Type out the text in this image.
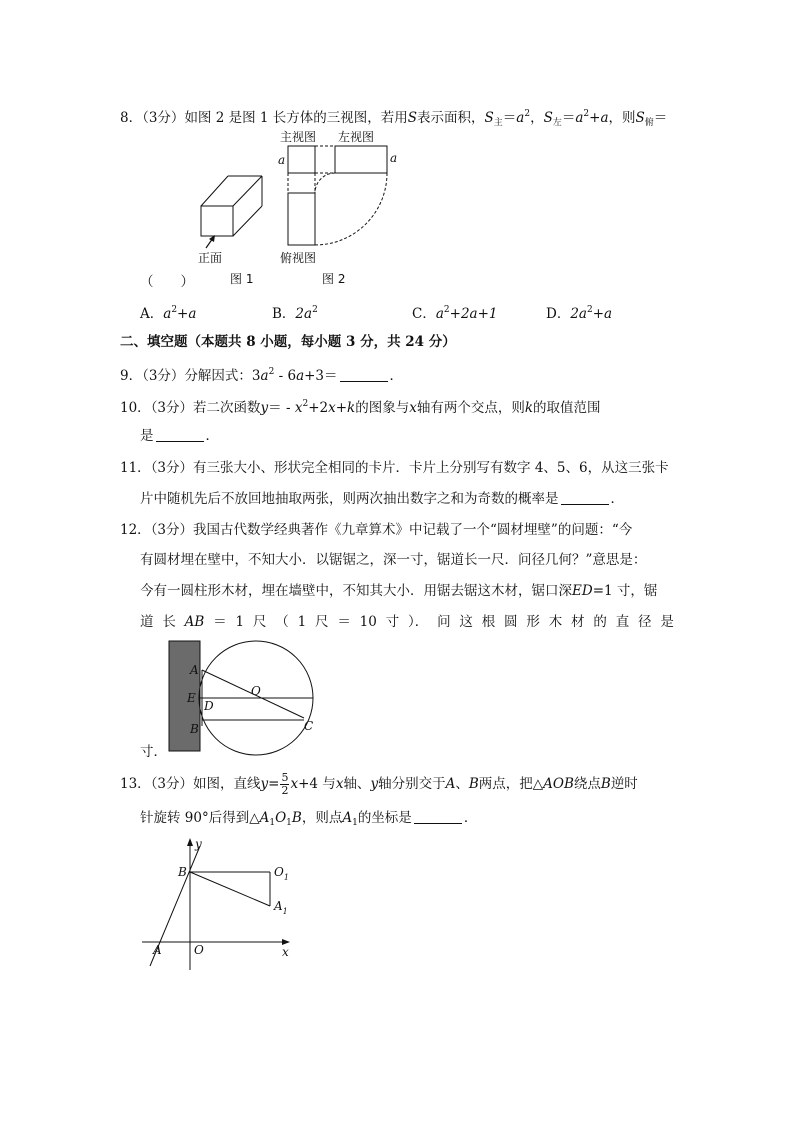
8．（3分）如图 2 是图 1 长方体的三视图，若用S表示面积，$S_主=a^2$，$S_左=a^2+a$，则$S_俯=$
正面
图 1
主视图 左视图
俯视图
a	a
图 2
（　　）
A．$a^2+a$	B．$2a^2$	C．$a^2+2a+1$	D．$2a^2+a$
二、填空题（本题共 8 小题，每小题 3 分，共 24 分）
9．（3分）分解因式：$3a^2 - 6a+3=$	．
10．（3分）若二次函数$y= - x^2+2x+k$的图象与x轴有两个交点，则k的取值范围
是	．
11．（3分）有三张大小、形状完全相同的卡片．卡片上分别写有数字 4、5、6，从这三张卡
片中随机先后不放回地抽取两张，则两次抽出数字之和为奇数的概率是	．
12．（3分）我国古代数学经典著作《九章算术》中记载了一个“圆材埋壁”的问题：“今
有圆材埋在壁中，不知大小．以锯锯之，深一寸，锯道长一尺．问径几何？”意思是：
今有一圆柱形木材，埋在墙壁中，不知其大小．用锯去锯这木材，锯口深ED=1 寸，锯
道 长 AB ＝ 1 尺 （ 1 尺 ＝ 10 寸 ）． 问 这 根 圆 形 木 材 的 直 径 是
A
E
D
B
O
C
寸．
13．（3分）如图，直线$y= \frac{5}{2} x+4$ 与x轴、y轴分别交于A、B两点，把△AOB绕点B逆时
针旋转 90°后得到$\triangle A_1O_1B$，则点$A_1$的坐标是	．
y
x
B
O
A
$O_1$
$A_1$
